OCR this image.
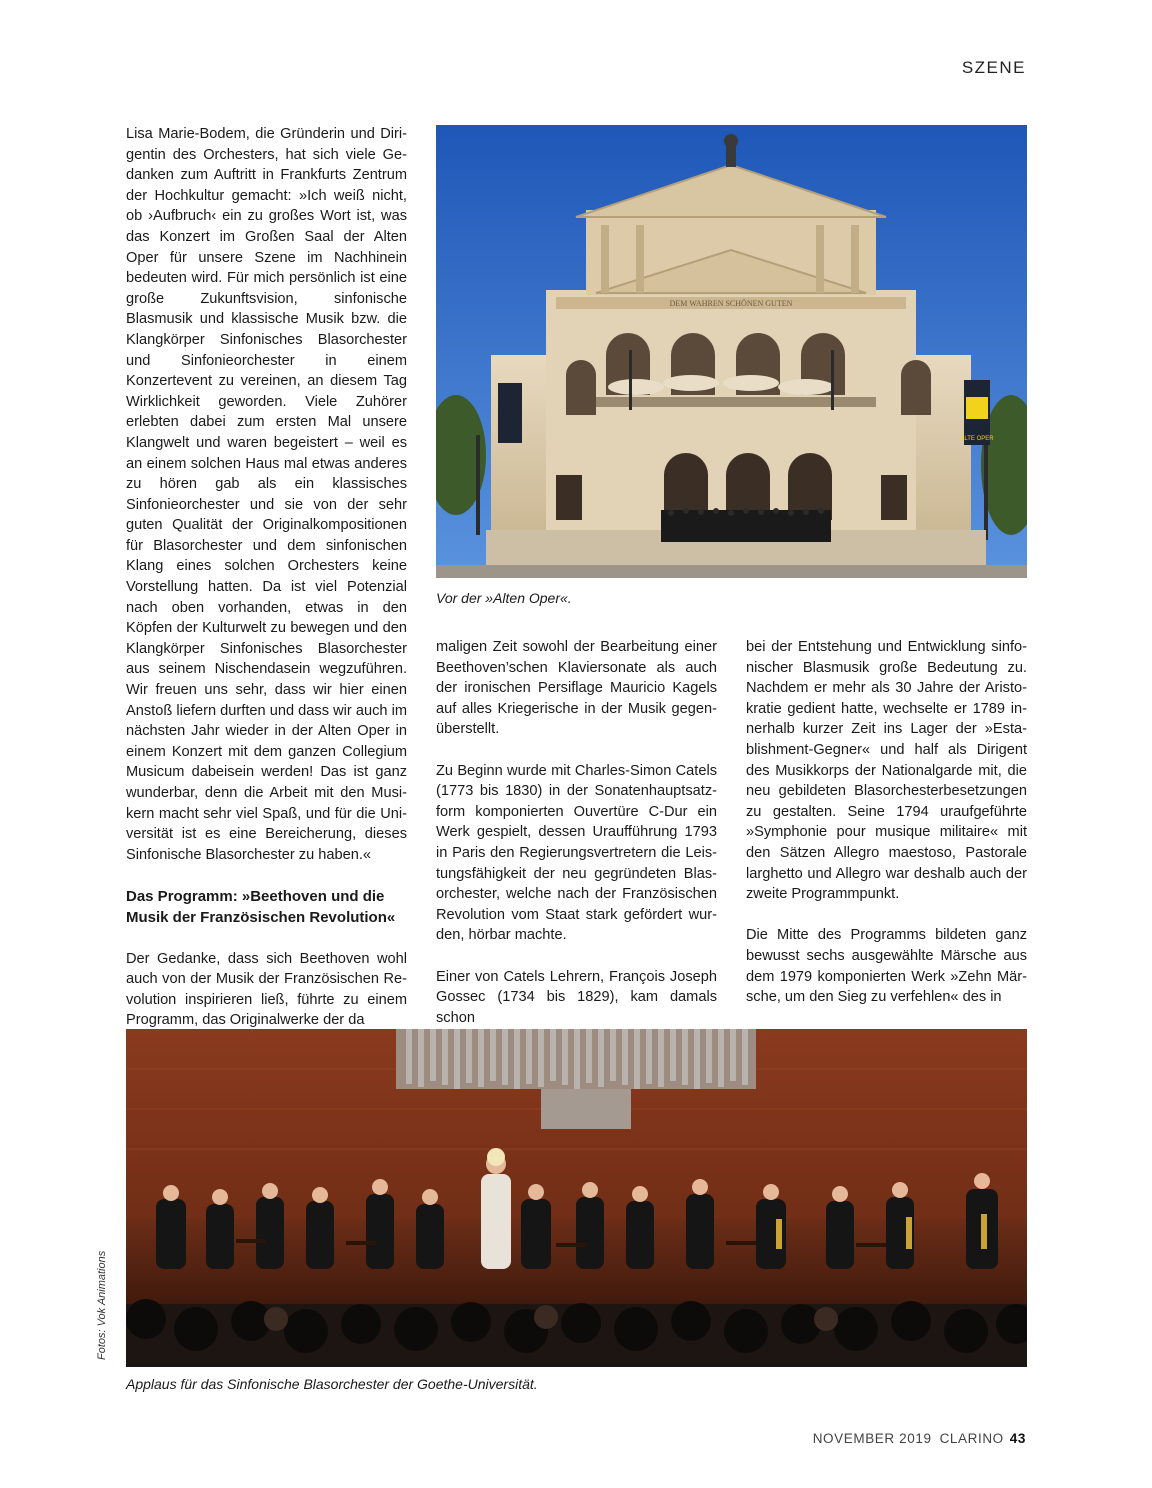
SZENE

Lisa Marie-Bodem, die Gründerin und Dirigentin des Orchesters, hat sich viele Gedanken zum Auftritt in Frankfurts Zentrum der Hochkultur gemacht: »Ich weiß nicht, ob ›Aufbruch‹ ein zu großes Wort ist, was das Konzert im Großen Saal der Alten Oper für unsere Szene im Nachhinein bedeuten wird. Für mich persönlich ist eine große Zukunftsvision, sinfonische Blasmusik und klassische Musik bzw. die Klangkörper Sinfonisches Blasorchester und Sinfonieorchester in einem Konzertevent zu vereinen, an diesem Tag Wirklichkeit geworden. Viele Zuhörer erlebten dabei zum ersten Mal unsere Klangwelt und waren begeistert – weil es an einem solchen Haus mal etwas anderes zu hören gab als ein klassisches Sinfonieorchester und sie von der sehr guten Qualität der Originalkompositionen für Blasorchester und dem sinfonischen Klang eines solchen Orchesters keine Vorstellung hatten. Da ist viel Potenzial nach oben vorhanden, etwas in den Köpfen der Kulturwelt zu bewegen und den Klangkörper Sinfonisches Blasorchester aus seinem Nischendasein wegzuführen. Wir freuen uns sehr, dass wir hier einen Anstoß liefern durften und dass wir auch im nächsten Jahr wieder in der Alten Oper in einem Konzert mit dem ganzen Collegium Musicum dabeisein werden! Das ist ganz wunderbar, denn die Arbeit mit den Musikern macht sehr viel Spaß, und für die Universität ist es eine Bereicherung, dieses Sinfonische Blasorchester zu haben.«

Das Programm: »Beethoven und die Musik der Französischen Revolution«

Der Gedanke, dass sich Beethoven wohl auch von der Musik der Französischen Revolution inspirieren ließ, führte zu einem Programm, das Originalwerke der da

DEM WAHREN SCHÖNEN GUTEN
ALTE OPER
Vor der »Alten Oper«.

maligen Zeit sowohl der Bearbeitung einer Beethoven’schen Klaviersonate als auch der ironischen Persiflage Mauricio Kagels auf alles Kriegerische in der Musik gegenüberstellt.

Zu Beginn wurde mit Charles-Simon Catels (1773 bis 1830) in der Sonatenhauptsatzform komponierten Ouvertüre C-Dur ein Werk gespielt, dessen Uraufführung 1793 in Paris den Regierungsvertretern die Leistungsfähigkeit der neu gegründeten Blasorchester, welche nach der Französischen Revolution vom Staat stark gefördert wurden, hörbar machte.

Einer von Catels Lehrern, François Joseph Gossec (1734 bis 1829), kam damals schon

bei der Entstehung und Entwicklung sinfonischer Blasmusik große Bedeutung zu. Nachdem er mehr als 30 Jahre der Aristokratie gedient hatte, wechselte er 1789 innerhalb kurzer Zeit ins Lager der »Establishment-Gegner« und half als Dirigent des Musikkorps der Nationalgarde mit, die neu gebildeten Blasorchesterbesetzungen zu gestalten. Seine 1794 uraufgeführte »Symphonie pour musique militaire« mit den Sätzen Allegro maestoso, Pastorale larghetto und Allegro war deshalb auch der zweite Programmpunkt.

Die Mitte des Programms bildeten ganz bewusst sechs ausgewählte Märsche aus dem 1979 komponierten Werk »Zehn Märsche, um den Sieg zu verfehlen« des in

Applaus für das Sinfonische Blasorchester der Goethe-Universität.
Fotos: Vok Animations
NOVEMBER 2019 CLARINO 43
